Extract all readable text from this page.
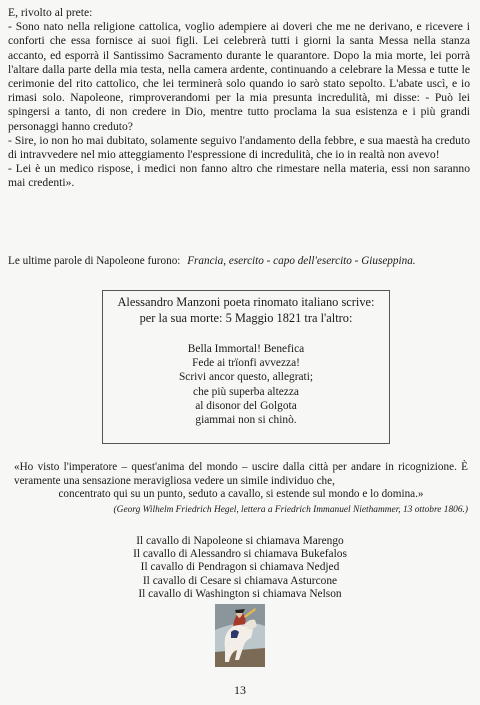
E, rivolto al prete:

- Sono nato nella religione cattolica, voglio adempiere ai doveri che me ne derivano, e ricevere i conforti che essa fornisce ai suoi figli. Lei celebrerà tutti i giorni la santa Messa nella stanza accanto, ed esporrà il Santissimo Sacramento durante le quarantore. Dopo la mia morte, lei porrà l'altare dalla parte della mia testa, nella camera ardente, continuando a celebrare la Messa e tutte le cerimonie del rito cattolico, che lei terminerà solo quando io sarò stato sepolto. L'abate uscì, e io rimasi solo. Napoleone, rimproverandomi per la mia presunta incredulità, mi disse: - Può lei spingersi a tanto, di non credere in Dio, mentre tutto proclama la sua esistenza e i più grandi personaggi hanno creduto?

- Sire, io non ho mai dubitato, solamente seguivo l'andamento della febbre, e sua maestà ha creduto di intravvedere nel mio atteggiamento l'espressione di incredulità, che io in realtà non avevo!

- Lei è un medico rispose, i medici non fanno altro che rimestare nella materia, essi non saranno mai credenti».

Le ultime parole di Napoleone furono: Francia, esercito - capo dell'esercito - Giuseppina.
Alessandro Manzoni poeta rinomato italiano scrive:
per la sua morte: 5 Maggio 1821 tra l'altro:
Bella Immortal! Benefica
Fede ai trïonfi avvezza!
Scrivi ancor questo, allegrati;
che più superba altezza
al disonor del Golgota
giammai non si chinò.
«Ho visto l'imperatore – quest'anima del mondo – uscire dalla città per andare in ricognizione. È veramente una sensazione meravigliosa vedere un simile individuo che,
concentrato qui su un punto, seduto a cavallo, si estende sul mondo e lo domina.»
(Georg Wilhelm Friedrich Hegel, lettera a Friedrich Immanuel Niethammer, 13 ottobre 1806.)
Il cavallo di Napoleone si chiamava Marengo
Il cavallo di Alessandro si chiamava Bukefalos
Il cavallo di Pendragon si chiamava Nedjed
Il cavallo di Cesare si chiamava Asturcone
Il cavallo di Washington si chiamava Nelson
13
